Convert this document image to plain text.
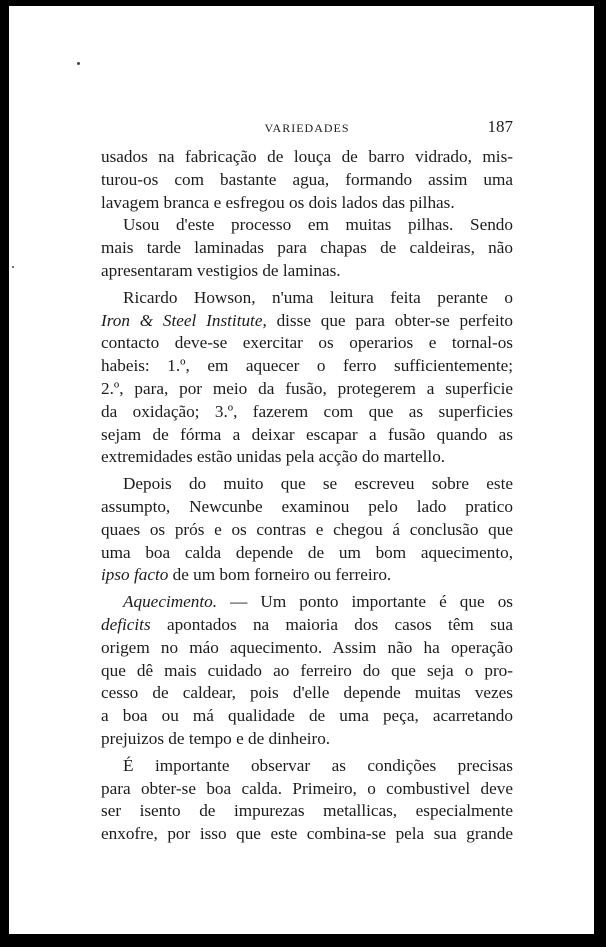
VARIEDADES	187

usados na fabricação de louça de barro vidrado, mis-
turou-os com bastante agua, formando assim uma
lavagem branca e esfregou os dois lados das pilhas.

Usou d'este processo em muitas pilhas. Sendo
mais tarde laminadas para chapas de caldeiras, não
apresentaram vestigios de laminas.

Ricardo Howson, n'uma leitura feita perante o
Iron & Steel Institute, disse que para obter-se perfeito
contacto deve-se exercitar os operarios e tornal-os
habeis: 1.º, em aquecer o ferro sufficientemente;
2.º, para, por meio da fusão, protegerem a superficie
da oxidação; 3.º, fazerem com que as superficies
sejam de fórma a deixar escapar a fusão quando as
extremidades estão unidas pela acção do martello.

Depois do muito que se escreveu sobre este
assumpto, Newcunbe examinou pelo lado pratico
quaes os prós e os contras e chegou á conclusão que
uma boa calda depende de um bom aquecimento,
ipso facto de um bom forneiro ou ferreiro.

Aquecimento. — Um ponto importante é que os
deficits apontados na maioria dos casos têm sua
origem no máo aquecimento. Assim não ha operação
que dê mais cuidado ao ferreiro do que seja o pro-
cesso de caldear, pois d'elle depende muitas vezes
a boa ou má qualidade de uma peça, acarretando
prejuizos de tempo e de dinheiro.

É importante observar as condições precisas
para obter-se boa calda. Primeiro, o combustivel deve
ser isento de impurezas metallicas, especialmente
enxofre, por isso que este combina-se pela sua grande
